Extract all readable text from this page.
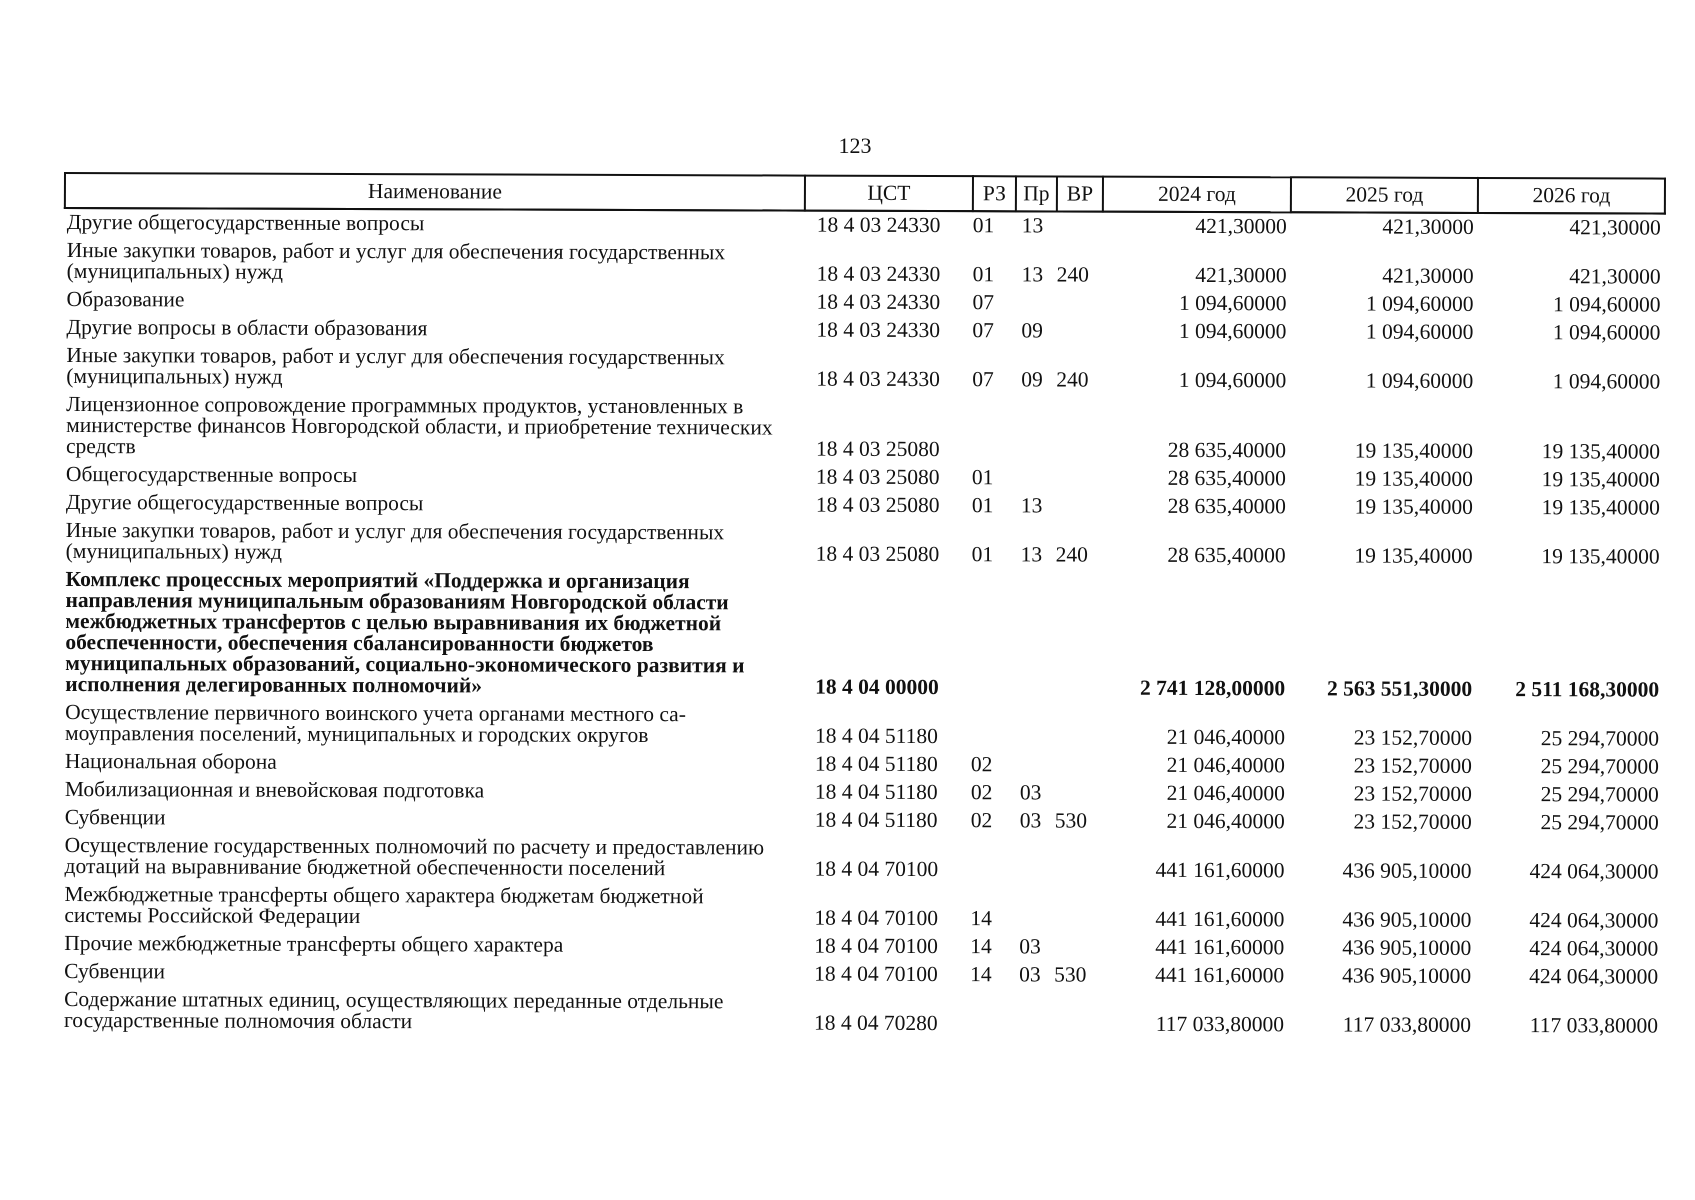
123
Наименование	ЦСТ	РЗ	Пр	ВР	2024 год	2025 год	2026 год
Другие общегосударственные вопросы	18 4 03 24330	01	13		421,30000	421,30000	421,30000
Иные закупки товаров, работ и услуг для обеспечения государственных (муниципальных) нужд	18 4 03 24330	01	13	240	421,30000	421,30000	421,30000
Образование	18 4 03 24330	07			1 094,60000	1 094,60000	1 094,60000
Другие вопросы в области образования	18 4 03 24330	07	09		1 094,60000	1 094,60000	1 094,60000
Иные закупки товаров, работ и услуг для обеспечения государственных (муниципальных) нужд	18 4 03 24330	07	09	240	1 094,60000	1 094,60000	1 094,60000
Лицензионное сопровождение программных продуктов, установленных в министерстве финансов Новгородской области, и приобретение технических средств	18 4 03 25080				28 635,40000	19 135,40000	19 135,40000
Общегосударственные вопросы	18 4 03 25080	01			28 635,40000	19 135,40000	19 135,40000
Другие общегосударственные вопросы	18 4 03 25080	01	13		28 635,40000	19 135,40000	19 135,40000
Иные закупки товаров, работ и услуг для обеспечения государственных (муниципальных) нужд	18 4 03 25080	01	13	240	28 635,40000	19 135,40000	19 135,40000
Комплекс процессных мероприятий «Поддержка и организация направления муниципальным образованиям Новгородской области межбюджетных трансфертов с целью выравнивания их бюджетной обеспеченности, обеспечения сбалансированности бюджетов муниципальных образований, социально-экономического развития и исполнения делегированных полномочий»	18 4 04 00000				2 741 128,00000	2 563 551,30000	2 511 168,30000
Осуществление первичного воинского учета органами местного самоуправления поселений, муниципальных и городских округов	18 4 04 51180				21 046,40000	23 152,70000	25 294,70000
Национальная оборона	18 4 04 51180	02			21 046,40000	23 152,70000	25 294,70000
Мобилизационная и вневойсковая подготовка	18 4 04 51180	02	03		21 046,40000	23 152,70000	25 294,70000
Субвенции	18 4 04 51180	02	03	530	21 046,40000	23 152,70000	25 294,70000
Осуществление государственных полномочий по расчету и предоставлению дотаций на выравнивание бюджетной обеспеченности поселений	18 4 04 70100				441 161,60000	436 905,10000	424 064,30000
Межбюджетные трансферты общего характера бюджетам бюджетной системы Российской Федерации	18 4 04 70100	14			441 161,60000	436 905,10000	424 064,30000
Прочие межбюджетные трансферты общего характера	18 4 04 70100	14	03		441 161,60000	436 905,10000	424 064,30000
Субвенции	18 4 04 70100	14	03	530	441 161,60000	436 905,10000	424 064,30000
Содержание штатных единиц, осуществляющих переданные отдельные государственные полномочия области	18 4 04 70280				117 033,80000	117 033,80000	117 033,80000
